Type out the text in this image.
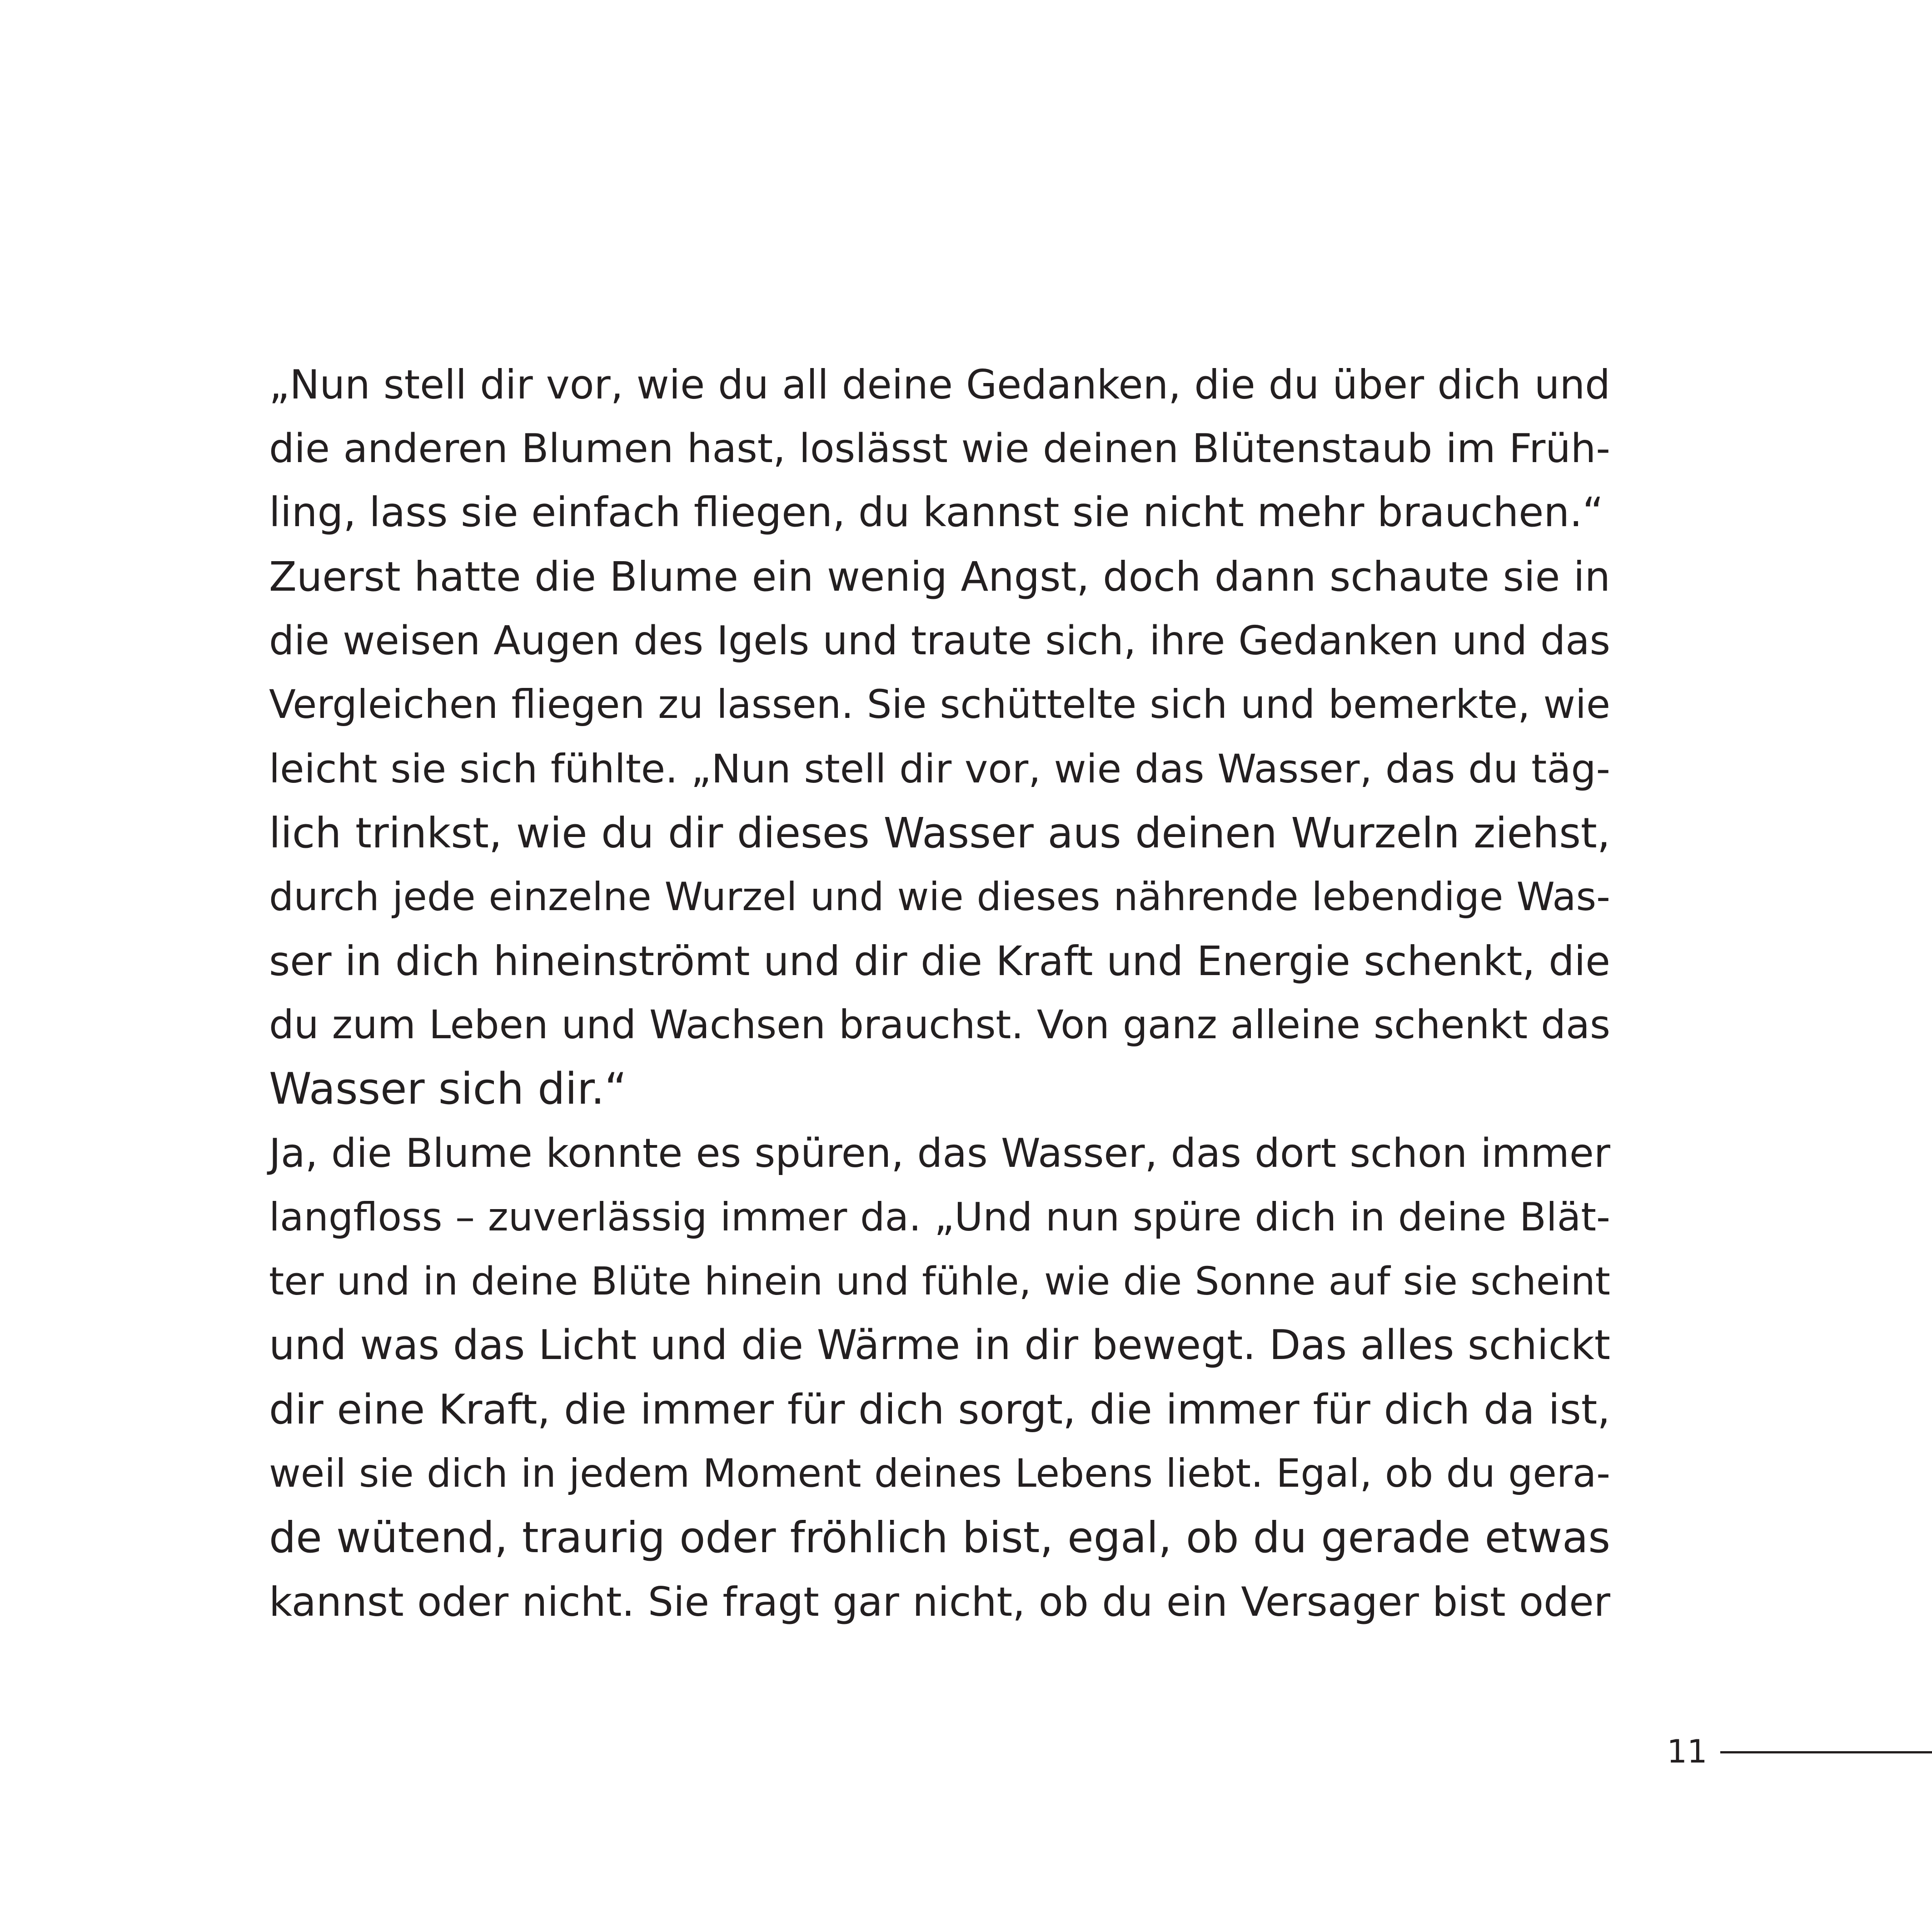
„Nun stell dir vor, wie du all deine Gedanken, die du über dich und
die anderen Blumen hast, loslässt wie deinen Blütenstaub im Früh-
ling, lass sie einfach fliegen, du kannst sie nicht mehr brauchen.“
Zuerst hatte die Blume ein wenig Angst, doch dann schaute sie in
die weisen Augen des Igels und traute sich, ihre Gedanken und das
Vergleichen fliegen zu lassen. Sie schüttelte sich und bemerkte, wie
leicht sie sich fühlte. „Nun stell dir vor, wie das Wasser, das du täg-
lich trinkst, wie du dir dieses Wasser aus deinen Wurzeln ziehst,
durch jede einzelne Wurzel und wie dieses nährende lebendige Was-
ser in dich hineinströmt und dir die Kraft und Energie schenkt, die
du zum Leben und Wachsen brauchst. Von ganz alleine schenkt das
Wasser sich dir.“
Ja, die Blume konnte es spüren, das Wasser, das dort schon immer
langfloss – zuverlässig immer da. „Und nun spüre dich in deine Blät-
ter und in deine Blüte hinein und fühle, wie die Sonne auf sie scheint
und was das Licht und die Wärme in dir bewegt. Das alles schickt
dir eine Kraft, die immer für dich sorgt, die immer für dich da ist,
weil sie dich in jedem Moment deines Lebens liebt. Egal, ob du gera-
de wütend, traurig oder fröhlich bist, egal, ob du gerade etwas
kannst oder nicht. Sie fragt gar nicht, ob du ein Versager bist oder
11
